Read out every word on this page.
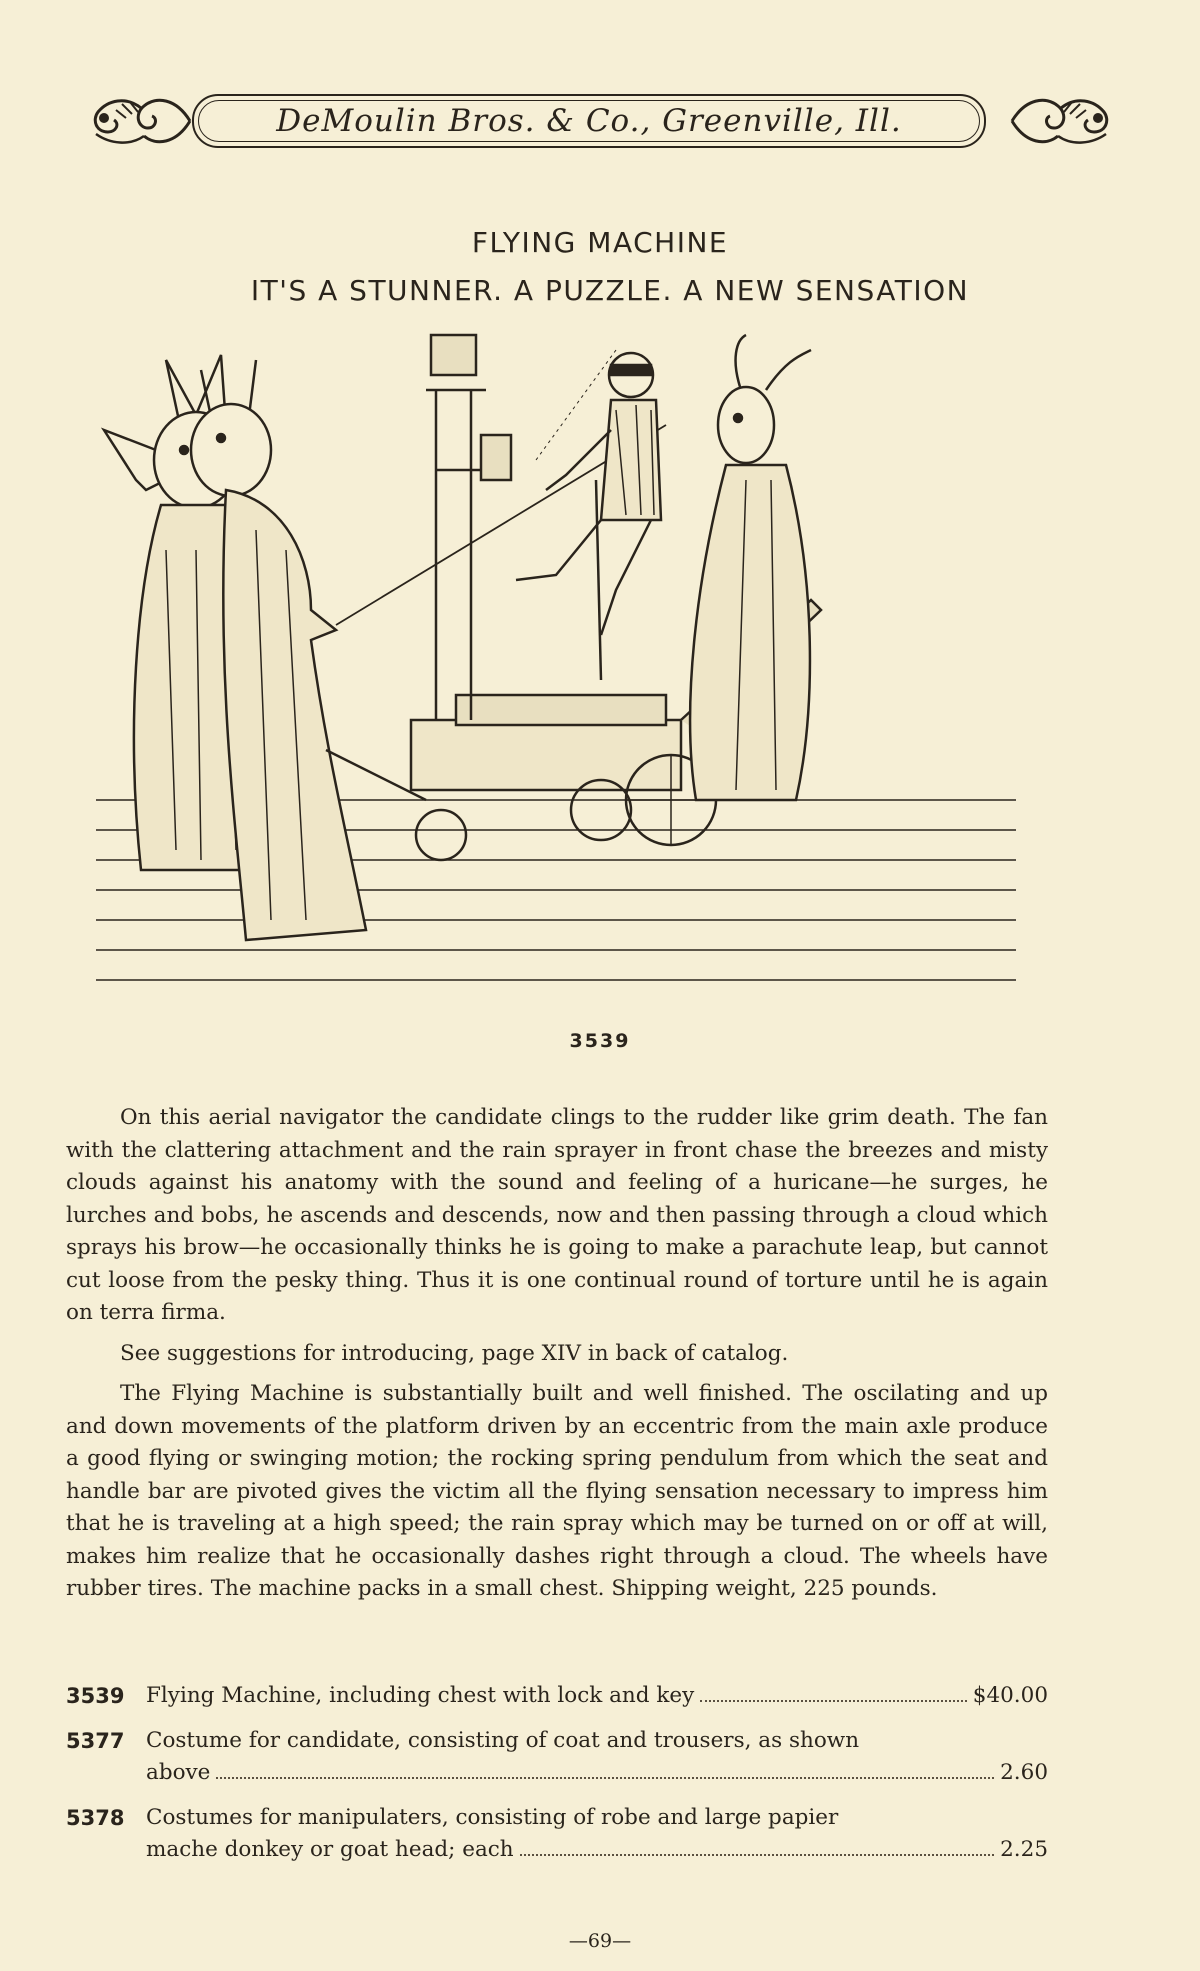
DeMoulin Bros. & Co., Greenville, Ill.
FLYING MACHINE
IT'S A STUNNER. A PUZZLE. A NEW SENSATION
3539

On this aerial navigator the candidate clings to the rudder like grim death. The fan with the clattering attachment and the rain sprayer in front chase the breezes and misty clouds against his anatomy with the sound and feeling of a huricane—he surges, he lurches and bobs, he ascends and descends, now and then passing through a cloud which sprays his brow—he occasionally thinks he is going to make a parachute leap, but cannot cut loose from the pesky thing. Thus it is one continual round of torture until he is again on terra firma.

See suggestions for introducing, page XIV in back of catalog.

The Flying Machine is substantially built and well finished. The oscilating and up and down movements of the platform driven by an eccentric from the main axle produce a good flying or swinging motion; the rocking spring pendulum from which the seat and handle bar are pivoted gives the victim all the flying sensation necessary to impress him that he is traveling at a high speed; the rain spray which may be turned on or off at will, makes him realize that he occasionally dashes right through a cloud. The wheels have rubber tires. The machine packs in a small chest. Shipping weight, 225 pounds.

3539	Flying Machine, including chest with lock and key	$40.00
5377	Costume for candidate, consisting of coat and trousers, as shown
above	2.60
5378	Costumes for manipulaters, consisting of robe and large papier
mache donkey or goat head; each	2.25
—69—
